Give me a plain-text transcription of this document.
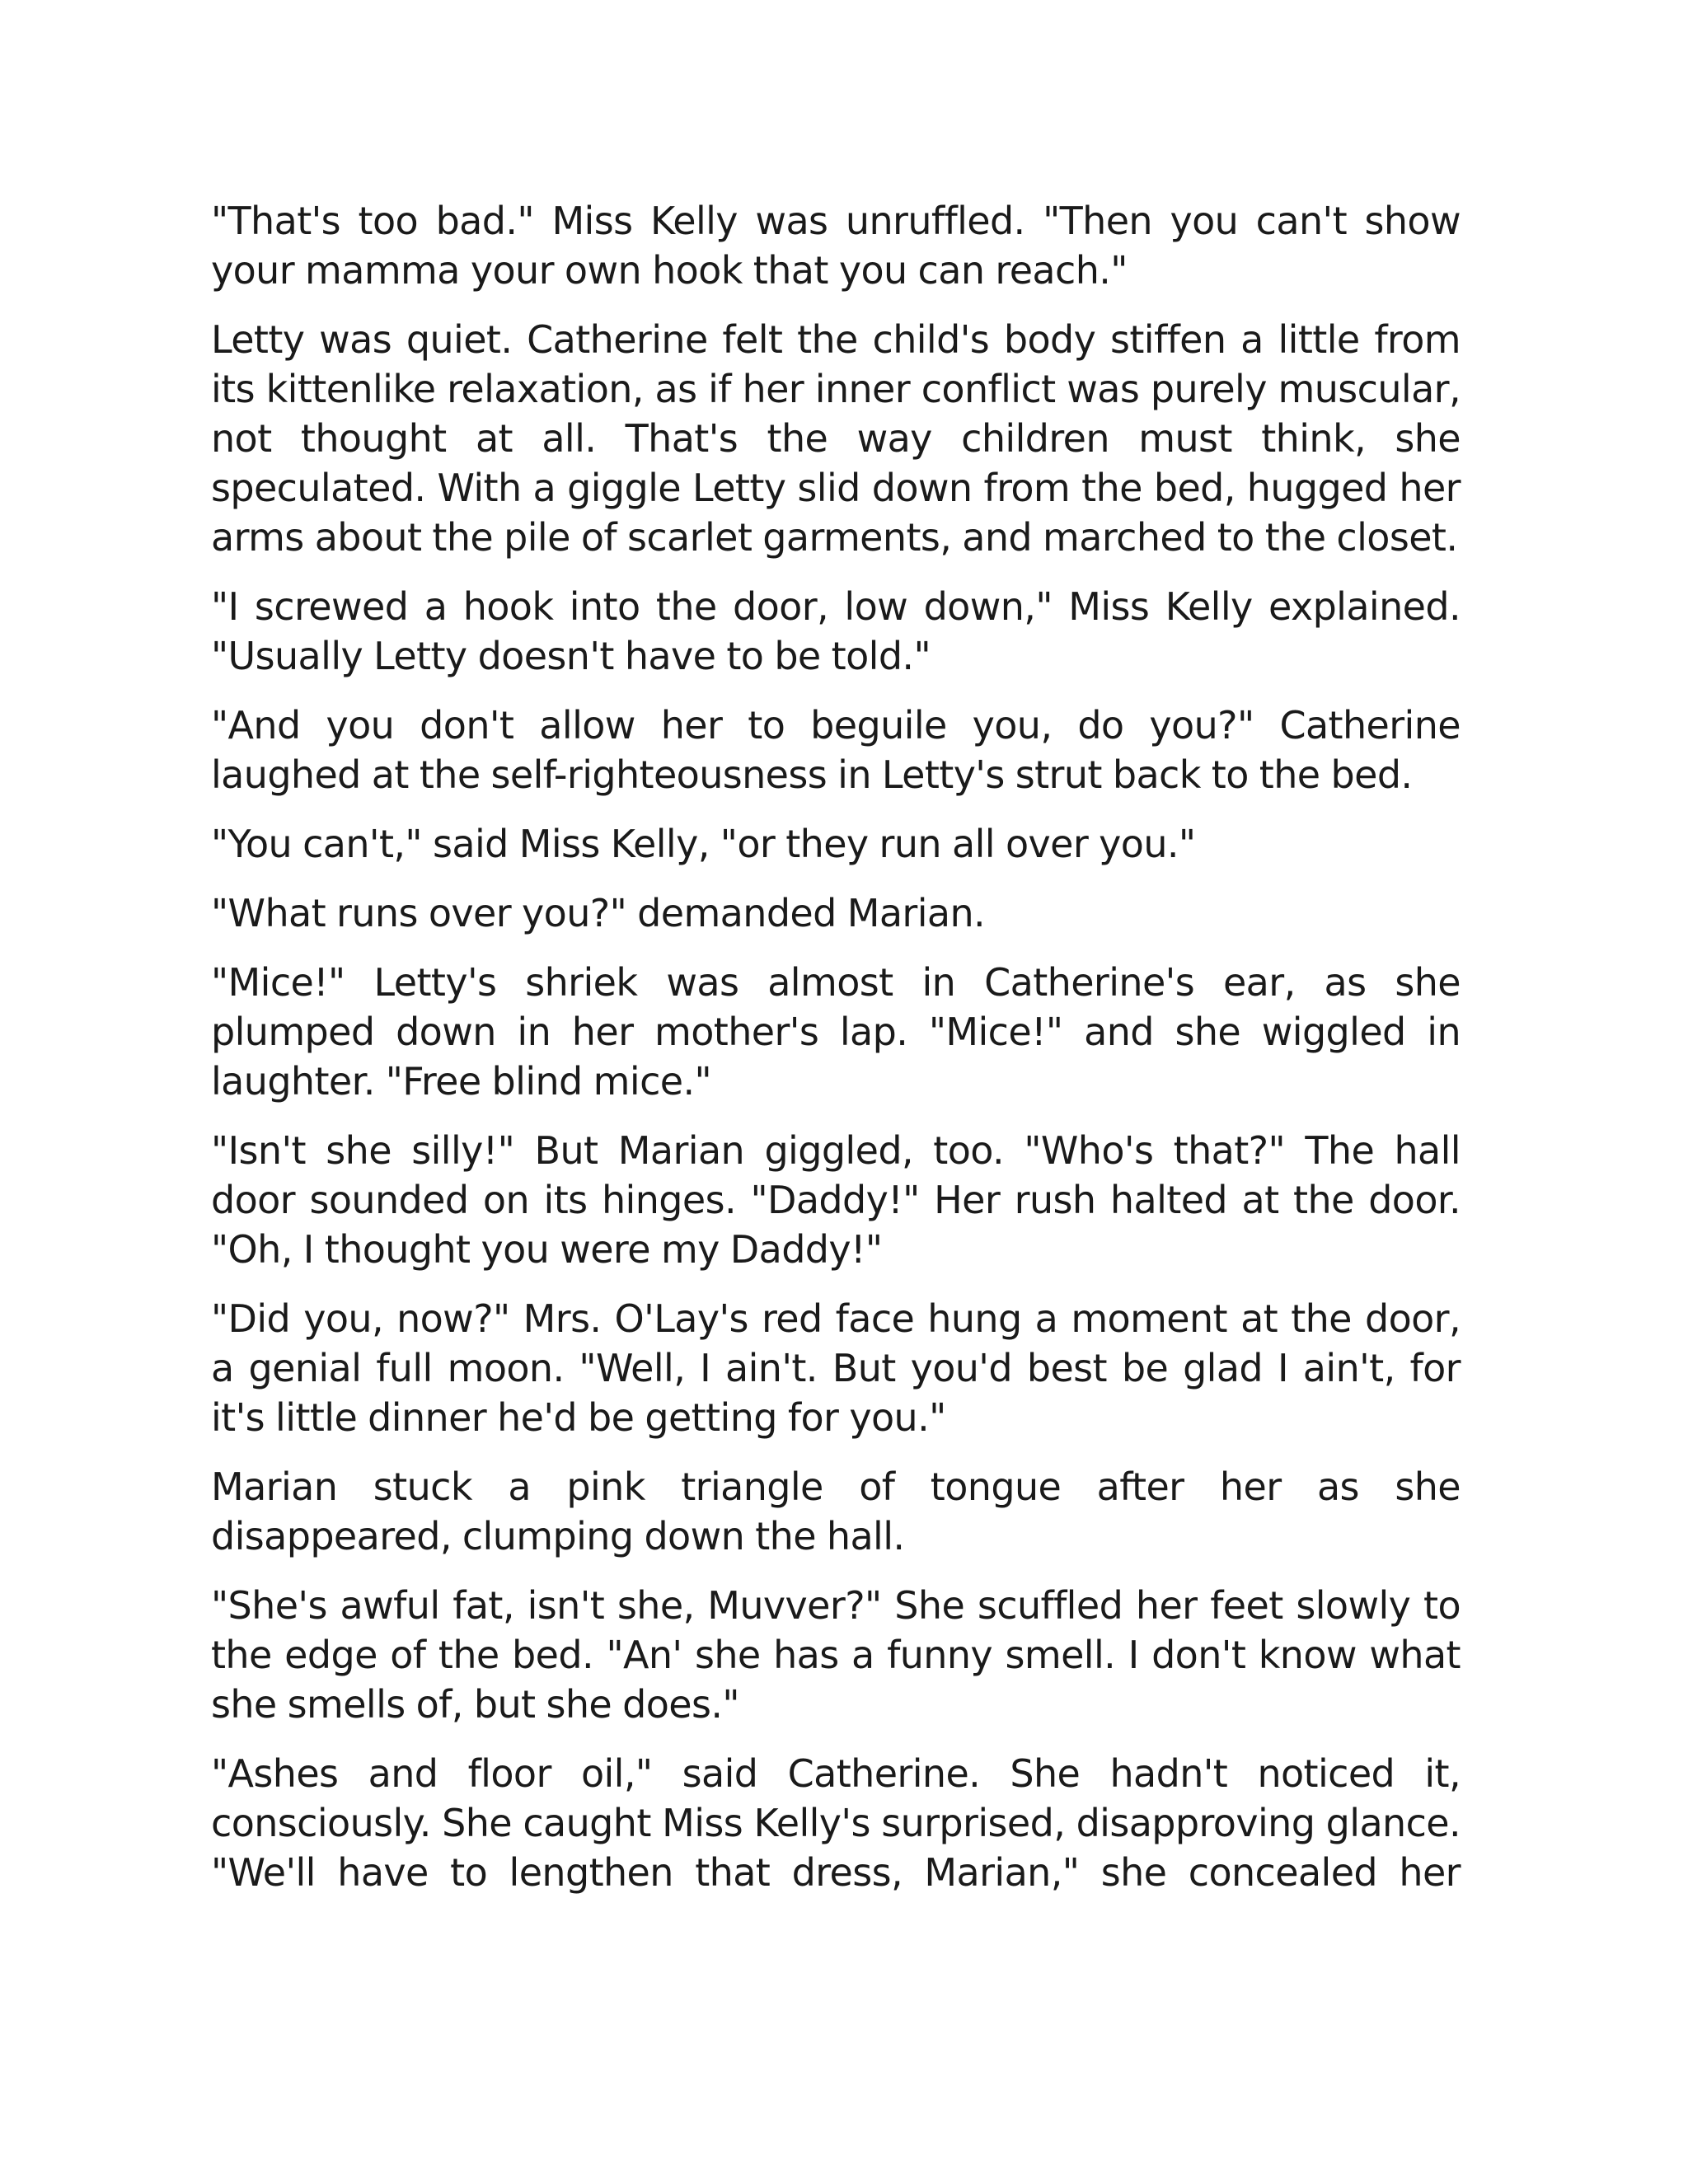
"That's too bad." Miss Kelly was unruffled. "Then you can't show your mamma your own hook that you can reach."

Letty was quiet. Catherine felt the child's body stiffen a little from its kittenlike relaxation, as if her inner conflict was purely muscular, not thought at all. That's the way children must think, she speculated. With a giggle Letty slid down from the bed, hugged her arms about the pile of scarlet garments, and marched to the closet.

"I screwed a hook into the door, low down," Miss Kelly explained. "Usually Letty doesn't have to be told."

"And you don't allow her to beguile you, do you?" Catherine laughed at the self-righteousness in Letty's strut back to the bed.

"You can't," said Miss Kelly, "or they run all over you."

"What runs over you?" demanded Marian.

"Mice!" Letty's shriek was almost in Catherine's ear, as she plumped down in her mother's lap. "Mice!" and she wiggled in laughter. "Free blind mice."

"Isn't she silly!" But Marian giggled, too. "Who's that?" The hall door sounded on its hinges. "Daddy!" Her rush halted at the door. "Oh, I thought you were my Daddy!"

"Did you, now?" Mrs. O'Lay's red face hung a moment at the door, a genial full moon. "Well, I ain't. But you'd best be glad I ain't, for it's little dinner he'd be getting for you."

Marian stuck a pink triangle of tongue after her as she disappeared, clumping down the hall.

"She's awful fat, isn't she, Muvver?" She scuffled her feet slowly to the edge of the bed. "An' she has a funny smell. I don't know what she smells of, but she does."

"Ashes and floor oil," said Catherine. She hadn't noticed it, consciously. She caught Miss Kelly's surprised, disapproving glance. "We'll have to lengthen that dress, Marian," she concealed her
